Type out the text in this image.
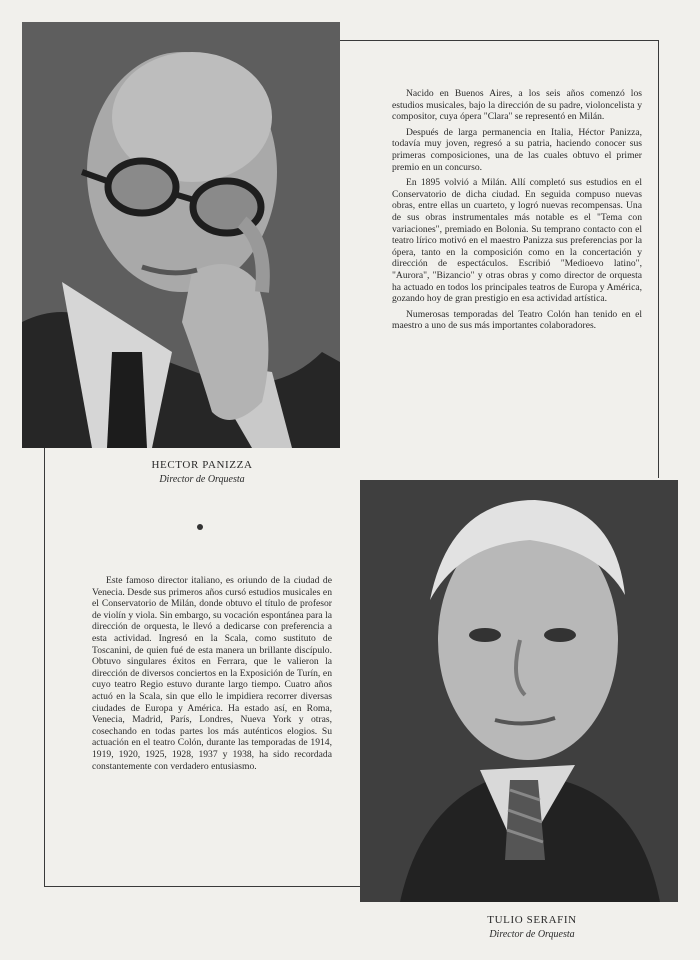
Nacido en Buenos Aires, a los seis años comenzó los estudios musicales, bajo la dirección de su padre, violoncelista y compositor, cuya ópera "Clara" se representó en Milán.

Después de larga permanencia en Italia, Héctor Panizza, todavía muy joven, regresó a su patria, haciendo conocer sus primeras composiciones, una de las cuales obtuvo el primer premio en un concurso.

En 1895 volvió a Milán. Allí completó sus estudios en el Conservatorio de dicha ciudad. En seguida compuso nuevas obras, entre ellas un cuarteto, y logró nuevas recompensas. Una de sus obras instrumentales más notable es el "Tema con variaciones", premiado en Bolonia. Su temprano contacto con el teatro lírico motivó en el maestro Panizza sus preferencias por la ópera, tanto en la composición como en la concertación y dirección de espectáculos. Escribió "Medioevo latino", "Aurora", "Bizancio" y otras obras y como director de orquesta ha actuado en todos los principales teatros de Europa y América, gozando hoy de gran prestigio en esa actividad artística.

Numerosas temporadas del Teatro Colón han tenido en el maestro a uno de sus más importantes colaboradores.

HECTOR PANIZZA
Director de Orquesta

Este famoso director italiano, es oriundo de la ciudad de Venecia. Desde sus primeros años cursó estudios musicales en el Conservatorio de Milán, donde obtuvo el título de profesor de violín y viola. Sin embargo, su vocación espontánea para la dirección de orquesta, le llevó a dedicarse con preferencia a esta actividad. Ingresó en la Scala, como sustituto de Toscanini, de quien fué de esta manera un brillante discípulo. Obtuvo singulares éxitos en Ferrara, que le valieron la dirección de diversos conciertos en la Exposición de Turín, en cuyo teatro Regio estuvo durante largo tiempo. Cuatro años actuó en la Scala, sin que ello le impidiera recorrer diversas ciudades de Europa y América. Ha estado así, en Roma, Venecia, Madrid, París, Londres, Nueva York y otras, cosechando en todas partes los más auténticos elogios. Su actuación en el teatro Colón, durante las temporadas de 1914, 1919, 1920, 1925, 1928, 1937 y 1938, ha sido recordada constantemente con verdadero entusiasmo.

TULIO SERAFIN
Director de Orquesta
